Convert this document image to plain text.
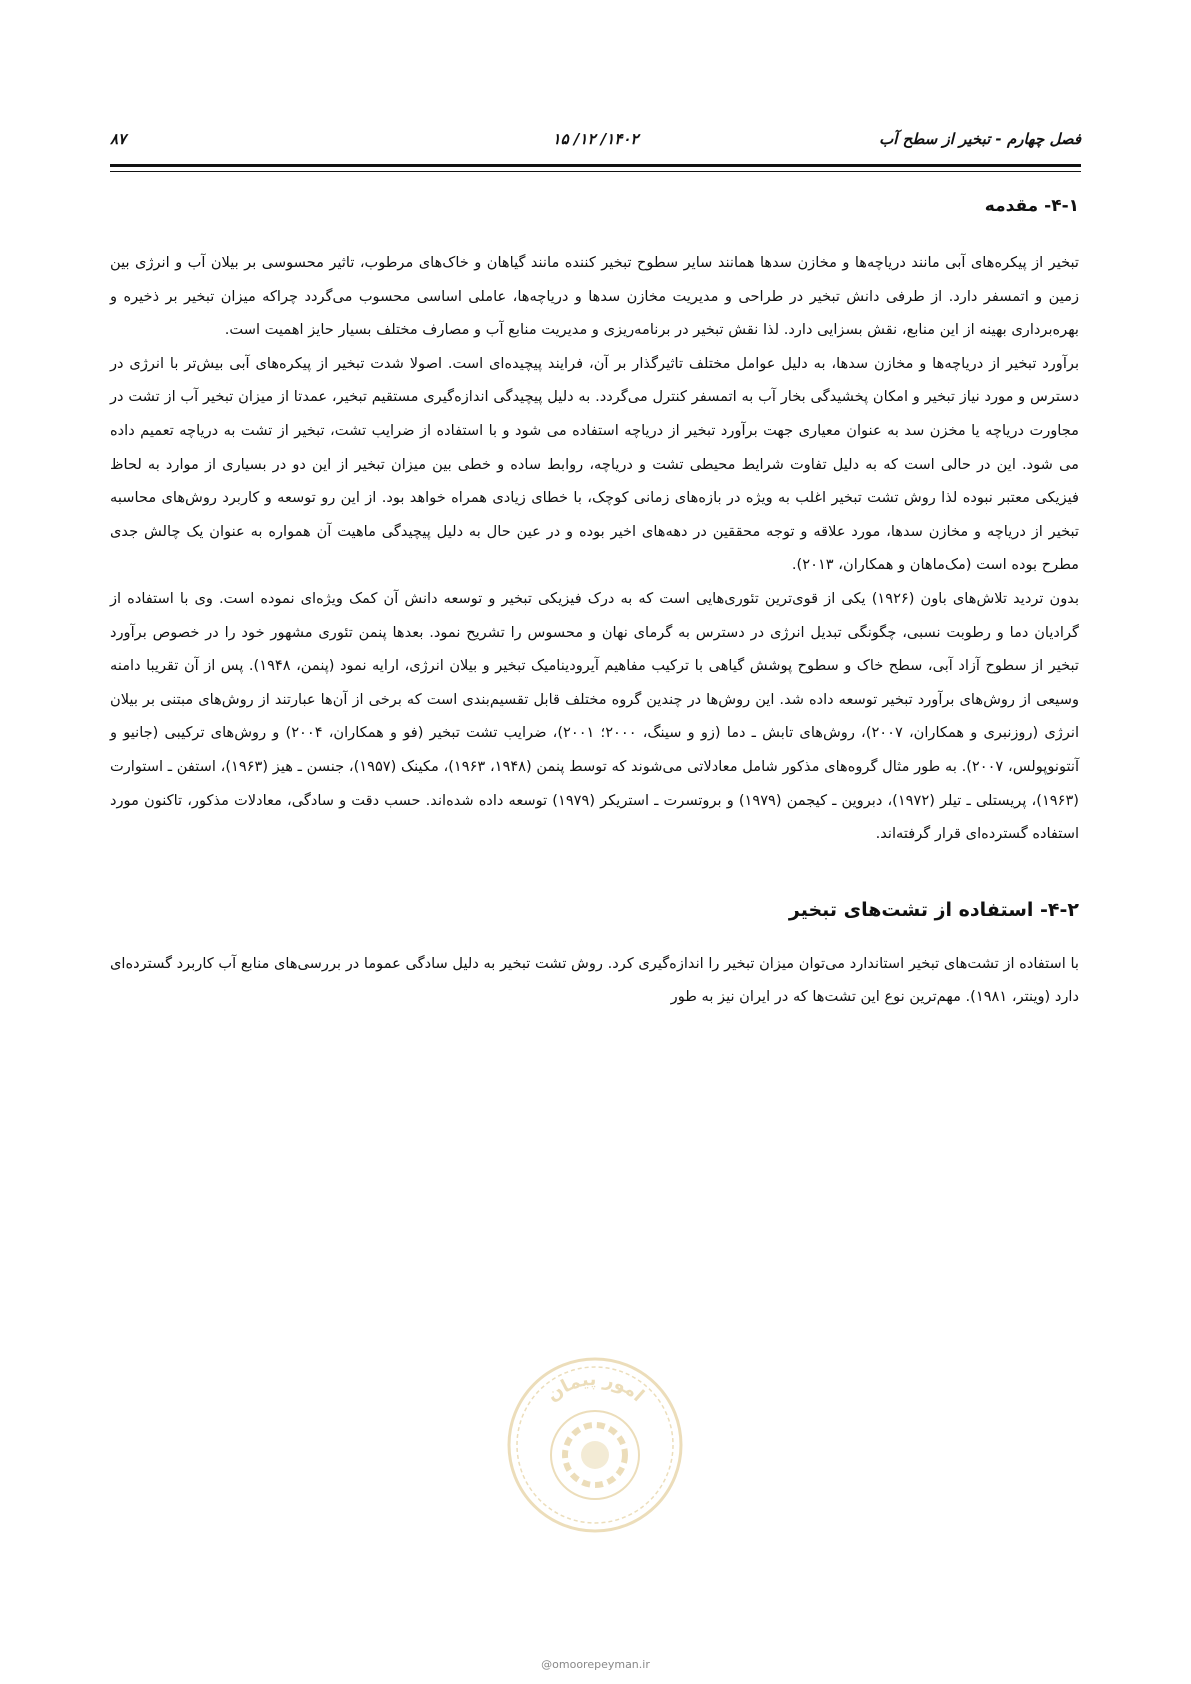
فصل چهارم - تبخیر از سطح آب
۱۴۰۲/ ۱۲/ ۱۵
۸۷
۴-۱- مقدمه

تبخیر از پیکره‌های آبی مانند دریاچه‌ها و مخازن سدها همانند سایر سطوح تبخیر کننده مانند گیاهان و خاک‌های مرطوب، تاثیر محسوسی بر بیلان آب و انرژی بین زمین و اتمسفر دارد. از طرفی دانش تبخیر در طراحی و مدیریت مخازن سدها و دریاچه‌ها، عاملی اساسی محسوب می‌گردد چراکه میزان تبخیر بر ذخیره و بهره‌برداری بهینه از این منابع، نقش بسزایی دارد. لذا نقش تبخیر در برنامه‌ریزی و مدیریت منابع آب و مصارف مختلف بسیار حایز اهمیت است.

برآورد تبخیر از دریاچه‌ها و مخازن سدها، به دلیل عوامل مختلف تاثیرگذار بر آن، فرایند پیچیده‌ای است. اصولا شدت تبخیر از پیکره‌های آبی بیش‌تر با انرژی در دسترس و مورد نیاز تبخیر و امکان پخشیدگی بخار آب به اتمسفر کنترل می‌گردد. به دلیل پیچیدگی اندازه‌گیری مستقیم تبخیر، عمدتا از میزان تبخیر آب از تشت در مجاورت دریاچه یا مخزن سد به عنوان معیاری جهت برآورد تبخیر از دریاچه استفاده می شود و با استفاده از ضرایب تشت، تبخیر از تشت به دریاچه تعمیم داده می شود. این در حالی است که به دلیل تفاوت شرایط محیطی تشت و دریاچه، روابط ساده و خطی بین میزان تبخیر از این دو در بسیاری از موارد به لحاظ فیزیکی معتبر نبوده لذا روش تشت تبخیر اغلب به ویژه در بازه‌های زمانی کوچک، با خطای زیادی همراه خواهد بود. از این رو توسعه و کاربرد روش‌های محاسبه تبخیر از دریاچه و مخازن سدها، مورد علاقه و توجه محققین در دهه‌های اخیر بوده و در عین حال به دلیل پیچیدگی ماهیت آن همواره به عنوان یک چالش جدی مطرح بوده است (مک‌ماهان و همکاران، ۲۰۱۳).

بدون تردید تلاش‌های باون (۱۹۲۶) یکی از قوی‌ترین تئوری‌هایی است که به درک فیزیکی تبخیر و توسعه دانش آن کمک ویژه‌ای نموده است. وی با استفاده از گرادیان دما و رطوبت نسبی، چگونگی تبدیل انرژی در دسترس به گرمای نهان و محسوس را تشریح نمود. بعدها پنمن تئوری مشهور خود را در خصوص برآورد تبخیر از سطوح آزاد آبی، سطح خاک و سطوح پوشش گیاهی با ترکیب مفاهیم آیرودینامیک تبخیر و بیلان انرژی، ارایه نمود (پنمن، ۱۹۴۸). پس از آن تقریبا دامنه وسیعی از روش‌های برآورد تبخیر توسعه داده شد. این روش‌ها در چندین گروه مختلف قابل تقسیم‌بندی است که برخی از آن‌ها عبارتند از روش‌های مبتنی بر بیلان انرژی (روزنبری و همکاران، ۲۰۰۷)، روش‌های تابش ـ دما (زو و سینگ، ۲۰۰۰؛ ۲۰۰۱)، ضرایب تشت تبخیر (فو و همکاران، ۲۰۰۴) و روش‌های ترکیبی (جانیو و آنتونوپولس، ۲۰۰۷). به طور مثال گروه‌های مذکور شامل معادلاتی می‌شوند که توسط پنمن (۱۹۴۸، ۱۹۶۳)، مکینک (۱۹۵۷)، جنسن ـ هیز (۱۹۶۳)، استفن ـ استوارت (۱۹۶۳)، پریستلی ـ تیلر (۱۹۷۲)، دبروین ـ کیجمن (۱۹۷۹) و بروتسرت ـ استریکر (۱۹۷۹) توسعه داده شده‌اند. حسب دقت و سادگی، معادلات مذکور، تاکنون مورد استفاده گسترده‌ای قرار گرفته‌اند.

۴-۲- استفاده از تشت‌های تبخیر

با استفاده از تشت‌های تبخیر استاندارد می‌توان میزان تبخیر را اندازه‌گیری کرد. روش تشت تبخیر به دلیل سادگی عموما در بررسی‌های منابع آب کاربرد گسترده‌ای دارد (وینتر، ۱۹۸۱). مهم‌ترین نوع این تشت‌ها که در ایران نیز به طور

امور پیمان
@omoorepeyman.ir
